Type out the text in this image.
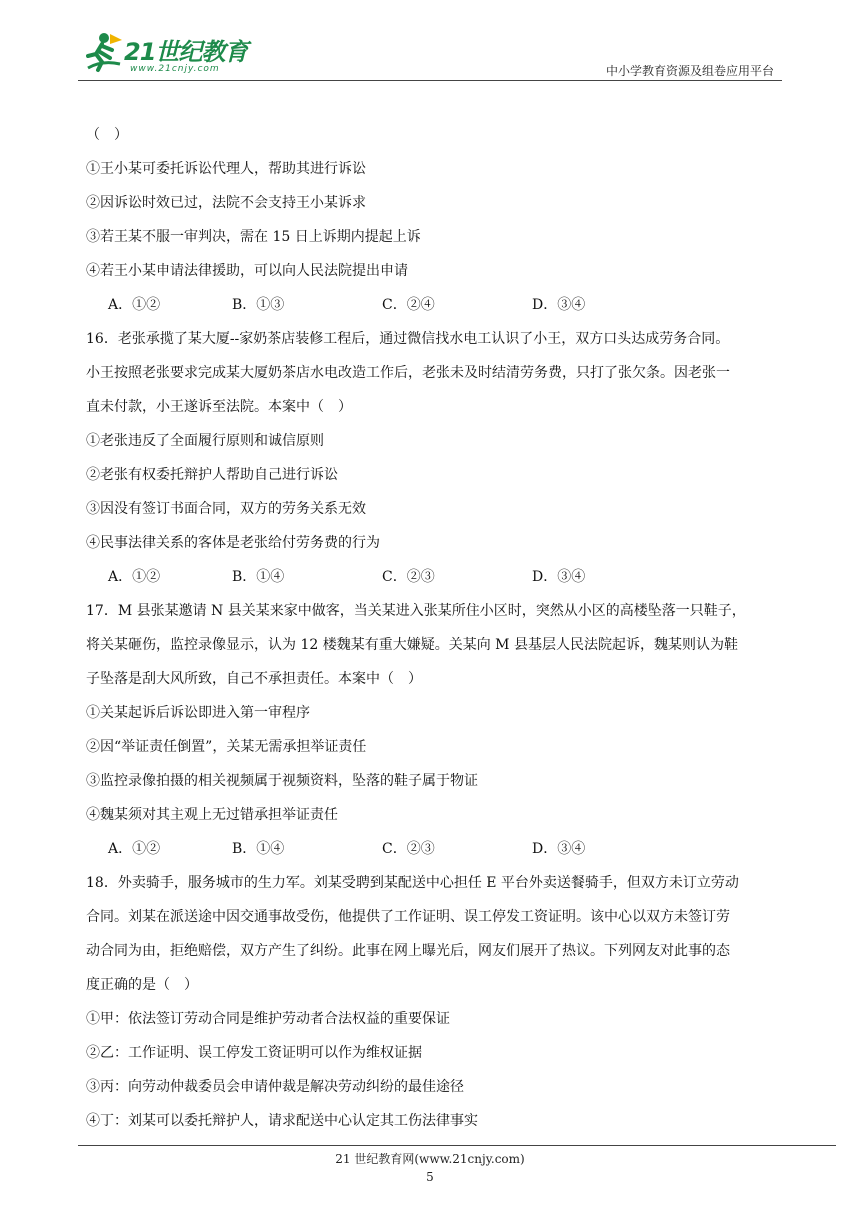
21世纪教育
www.21cnjy.com	中小学教育资源及组卷应用平台
（　）
①王小某可委托诉讼代理人，帮助其进行诉讼
②因诉讼时效已过，法院不会支持王小某诉求
③若王某不服一审判决，需在 15 日上诉期内提起上诉
④若王小某申请法律援助，可以向人民法院提出申请
A．①②	B．①③	C．②④	D．③④
16．老张承揽了某大厦--家奶茶店装修工程后，通过微信找水电工认识了小王，双方口头达成劳务合同。
小王按照老张要求完成某大厦奶茶店水电改造工作后，老张未及时结清劳务费，只打了张欠条。因老张一
直未付款，小王遂诉至法院。本案中（　）
①老张违反了全面履行原则和诚信原则
②老张有权委托辩护人帮助自己进行诉讼
③因没有签订书面合同，双方的劳务关系无效
④民事法律关系的客体是老张给付劳务费的行为
A．①②	B．①④	C．②③	D．③④
17．M 县张某邀请 N 县关某来家中做客，当关某进入张某所住小区时，突然从小区的高楼坠落一只鞋子，
将关某砸伤，监控录像显示，认为 12 楼魏某有重大嫌疑。关某向 M 县基层人民法院起诉，魏某则认为鞋
子坠落是刮大风所致，自己不承担责任。本案中（　）
①关某起诉后诉讼即进入第一审程序
②因“举证责任倒置”，关某无需承担举证责任
③监控录像拍摄的相关视频属于视频资料，坠落的鞋子属于物证
④魏某须对其主观上无过错承担举证责任
A．①②	B．①④	C．②③	D．③④
18．外卖骑手，服务城市的生力军。刘某受聘到某配送中心担任 E 平台外卖送餐骑手，但双方未订立劳动
合同。刘某在派送途中因交通事故受伤，他提供了工作证明、误工停发工资证明。该中心以双方未签订劳
动合同为由，拒绝赔偿，双方产生了纠纷。此事在网上曝光后，网友们展开了热议。下列网友对此事的态
度正确的是（　）
①甲：依法签订劳动合同是维护劳动者合法权益的重要保证
②乙：工作证明、误工停发工资证明可以作为维权证据
③丙：向劳动仲裁委员会申请仲裁是解决劳动纠纷的最佳途径
④丁：刘某可以委托辩护人，请求配送中心认定其工伤法律事实
21 世纪教育网(www.21cnjy.com)
5
